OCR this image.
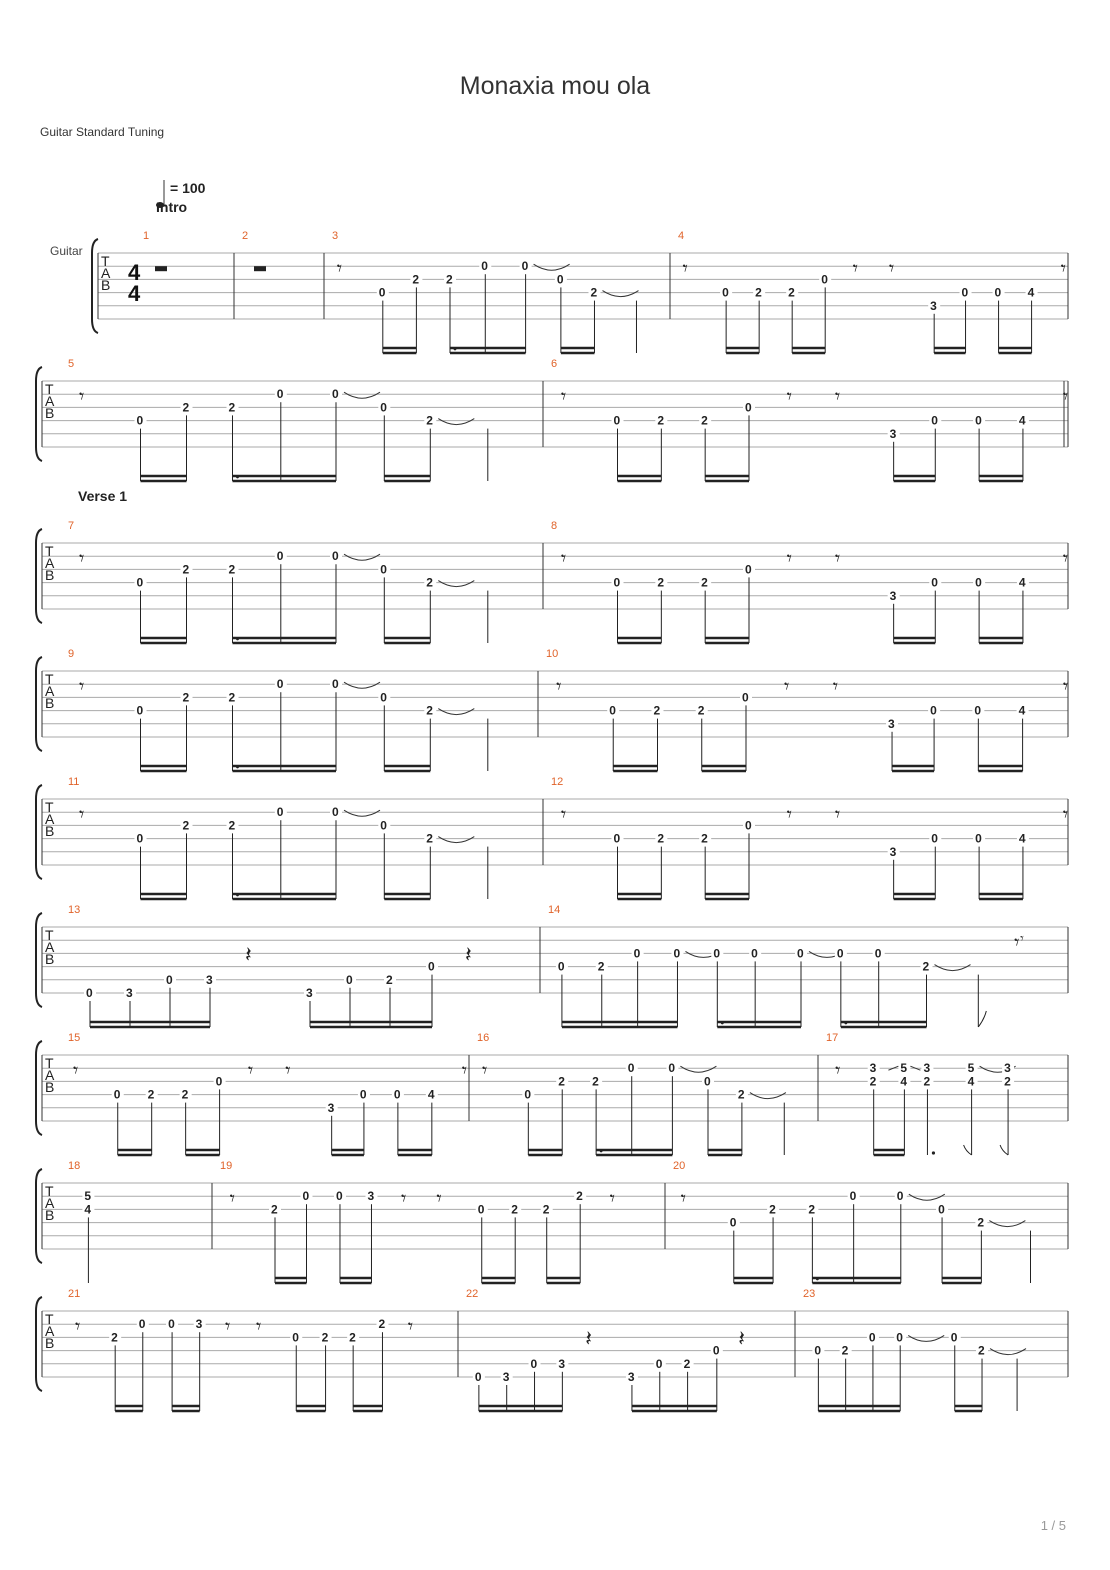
Monaxia mou ola
Guitar Standard Tuning
= 100
1 / 5
Intro
Verse 1
Guitar
T
A
B 4
4
1	2	3
𝄾
0
2 2
0	0
0
2
4
𝄾
0 2 2
0 𝄾 𝄾
3
0 0 4
𝄾
T
A
B
5
𝄾
0
2	2
0	0
0
2
6
𝄾
0	2	2
0 𝄾 𝄾
3
0	0	4
𝄾
T
A
B
7
𝄾
0
2	2
0	0
0
2
8
𝄾
0	2	2
0 𝄾 𝄾
3
0	0	4
𝄾
T
A
B
9
𝄾
0
2	2
0	0
0
2
10
𝄾
0	2	2
0 𝄾 𝄾
3
0	0	4
𝄾
T
A
B
11
𝄾
0
2	2
0	0
0
2
12
𝄾
0	2	2
0 𝄾 𝄾
3
0	0	4
𝄾
T
A
B
13
0	3
0	3
𝄽
3
0	2
0 𝄽
14
0	2
0	0	0	0	0	0	0
2
𝄾 𝄾
T
A
B
15
𝄾
0 2 2
0 𝄾 𝄾
3
0 0 4
𝄾
16
𝄾
0
2 2
0	0
0
2
17
𝄾 3
2
5
4
3
2
5
4
3
2
T
A
B
18
5
4
19
𝄾	2
0 0 3 𝄾 𝄾	0 2 2
2 𝄾
20
𝄾
0
2	2
0	0
0
2
T
A
B
21
𝄾	2
0 0 3 𝄾 𝄾	0 2 2
2 𝄾
22
0 3
0 3
𝄽
3
0 2
0 𝄽
23
0 2
0 0	0
2
